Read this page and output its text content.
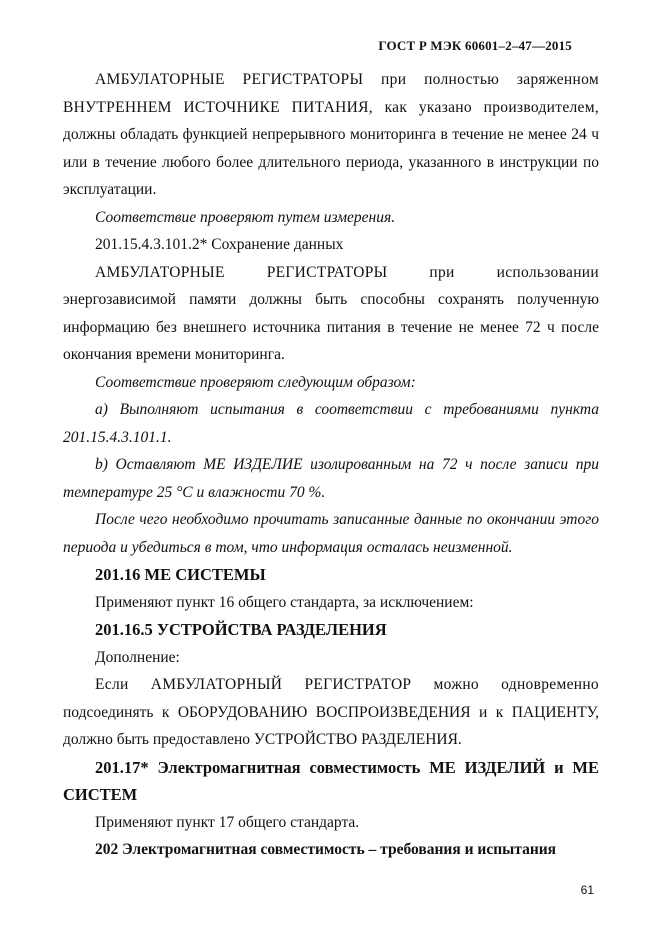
ГОСТ Р МЭК 60601–2–47—2015

АМБУЛАТОРНЫЕ РЕГИСТРАТОРЫ при полностью заряженном

ВНУТРЕННЕМ ИСТОЧНИКЕ ПИТАНИЯ, как указано производителем,

должны обладать функцией непрерывного мониторинга в течение не менее 24 ч или в течение любого более длительного периода, указанного в инструкции по эксплуатации.

Соответствие проверяют путем измерения.

201.15.4.3.101.2* Сохранение данных

АМБУЛАТОРНЫЕ РЕГИСТРАТОРЫ при использовании

энергозависимой памяти должны быть способны сохранять полученную информацию без внешнего источника питания в течение не менее 72 ч после окончания времени мониторинга.

Соответствие проверяют следующим образом:

a) Выполняют испытания в соответствии с требованиями пункта 201.15.4.3.101.1.

b) Оставляют МЕ ИЗДЕЛИЕ изолированным на 72 ч после записи при температуре 25 °С и влажности 70 %.

После чего необходимо прочитать записанные данные по окончании этого периода и убедиться в том, что информация осталась неизменной.

201.16 МЕ СИСТЕМЫ

Применяют пункт 16 общего стандарта, за исключением:

201.16.5 УСТРОЙСТВА РАЗДЕЛЕНИЯ

Дополнение:

Если АМБУЛАТОРНЫЙ РЕГИСТРАТОР можно одновременно

подсоединять к ОБОРУДОВАНИЮ ВОСПРОИЗВЕДЕНИЯ и к ПАЦИЕНТУ,

должно быть предоставлено УСТРОЙСТВО РАЗДЕЛЕНИЯ.

201.17* Электромагнитная совместимость МЕ ИЗДЕЛИЙ и МЕ СИСТЕМ

Применяют пункт 17 общего стандарта.

202 Электромагнитная совместимость – требования и испытания

61
